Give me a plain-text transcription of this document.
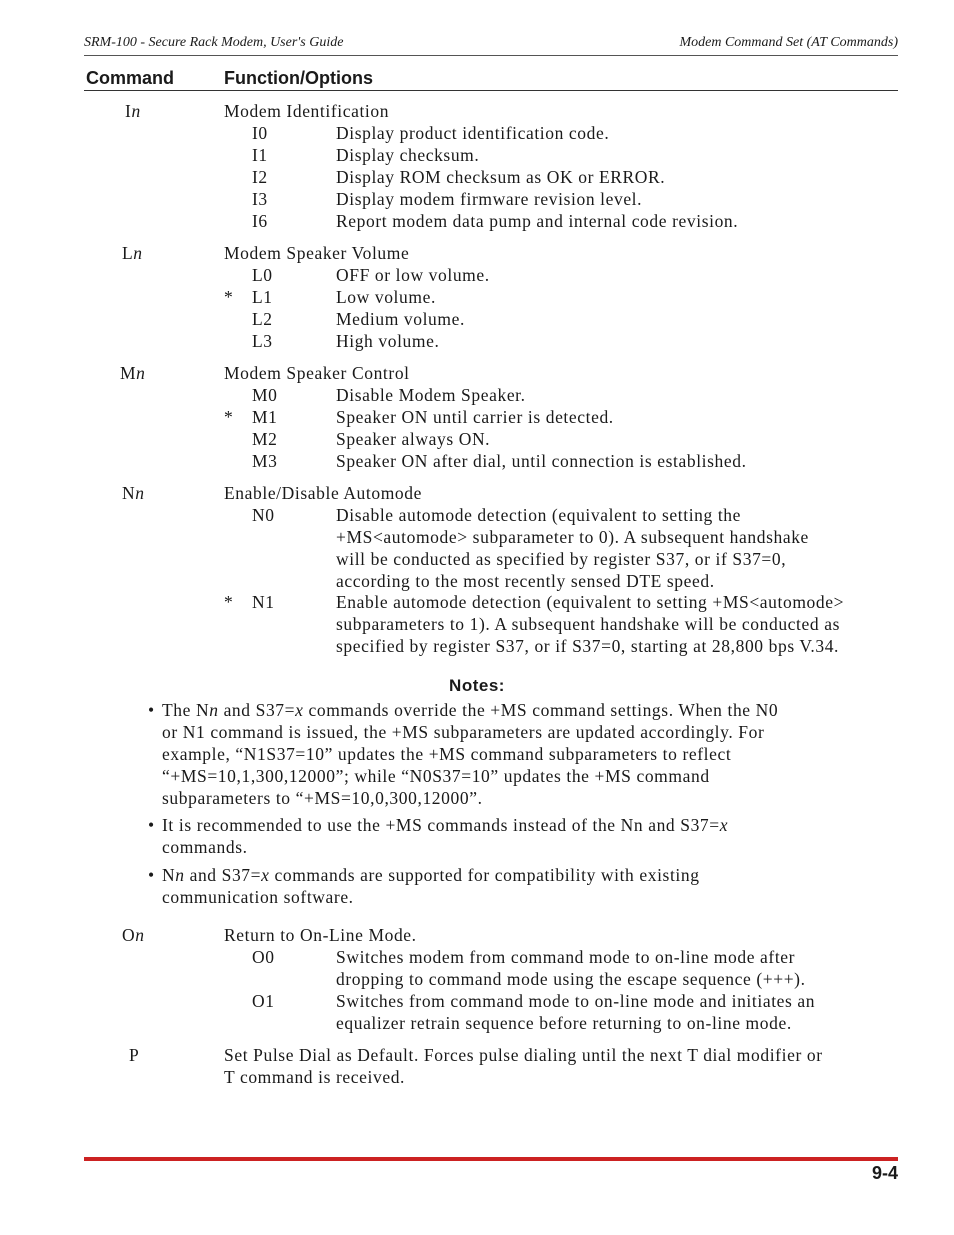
SRM-100 - Secure Rack Modem, User's Guide	Modem Command Set (AT Commands)
Command	Function/Options
In	Modem Identification
I0	Display product identification code.
I1	Display checksum.
I2	Display ROM checksum as OK or ERROR.
I3	Display modem firmware revision level.
I6	Report modem data pump and internal code revision.
Ln	Modem Speaker Volume
L0	OFF or low volume.
* L1	Low volume.
L2	Medium volume.
L3	High volume.
Mn	Modem Speaker Control
M0	Disable Modem Speaker.
* M1	Speaker ON until carrier is detected.
M2	Speaker always ON.
M3	Speaker ON after dial, until connection is established.
Nn	Enable/Disable Automode
N0	Disable automode detection (equivalent to setting the
+MS<automode> subparameter to 0). A subsequent handshake
will be conducted as specified by register S37, or if S37=0,
according to the most recently sensed DTE speed.
* N1	Enable automode detection (equivalent to setting +MS<automode>
subparameters to 1). A subsequent handshake will be conducted as
specified by register S37, or if S37=0, starting at 28,800 bps V.34.
Notes:
• The Nn and S37=x commands override the +MS command settings. When the N0
or N1 command is issued, the +MS subparameters are updated accordingly. For
example, “N1S37=10” updates the +MS command subparameters to reflect
“+MS=10,1,300,12000”; while “N0S37=10” updates the +MS command
subparameters to “+MS=10,0,300,12000”.
• It is recommended to use the +MS commands instead of the Nn and S37=x
commands.
• Nn and S37=x commands are supported for compatibility with existing
communication software.
On	Return to On-Line Mode.
O0	Switches modem from command mode to on-line mode after
dropping to command mode using the escape sequence (+++).
O1	Switches from command mode to on-line mode and initiates an
equalizer retrain sequence before returning to on-line mode.
P	Set Pulse Dial as Default. Forces pulse dialing until the next T dial modifier or
T command is received.
9-4
